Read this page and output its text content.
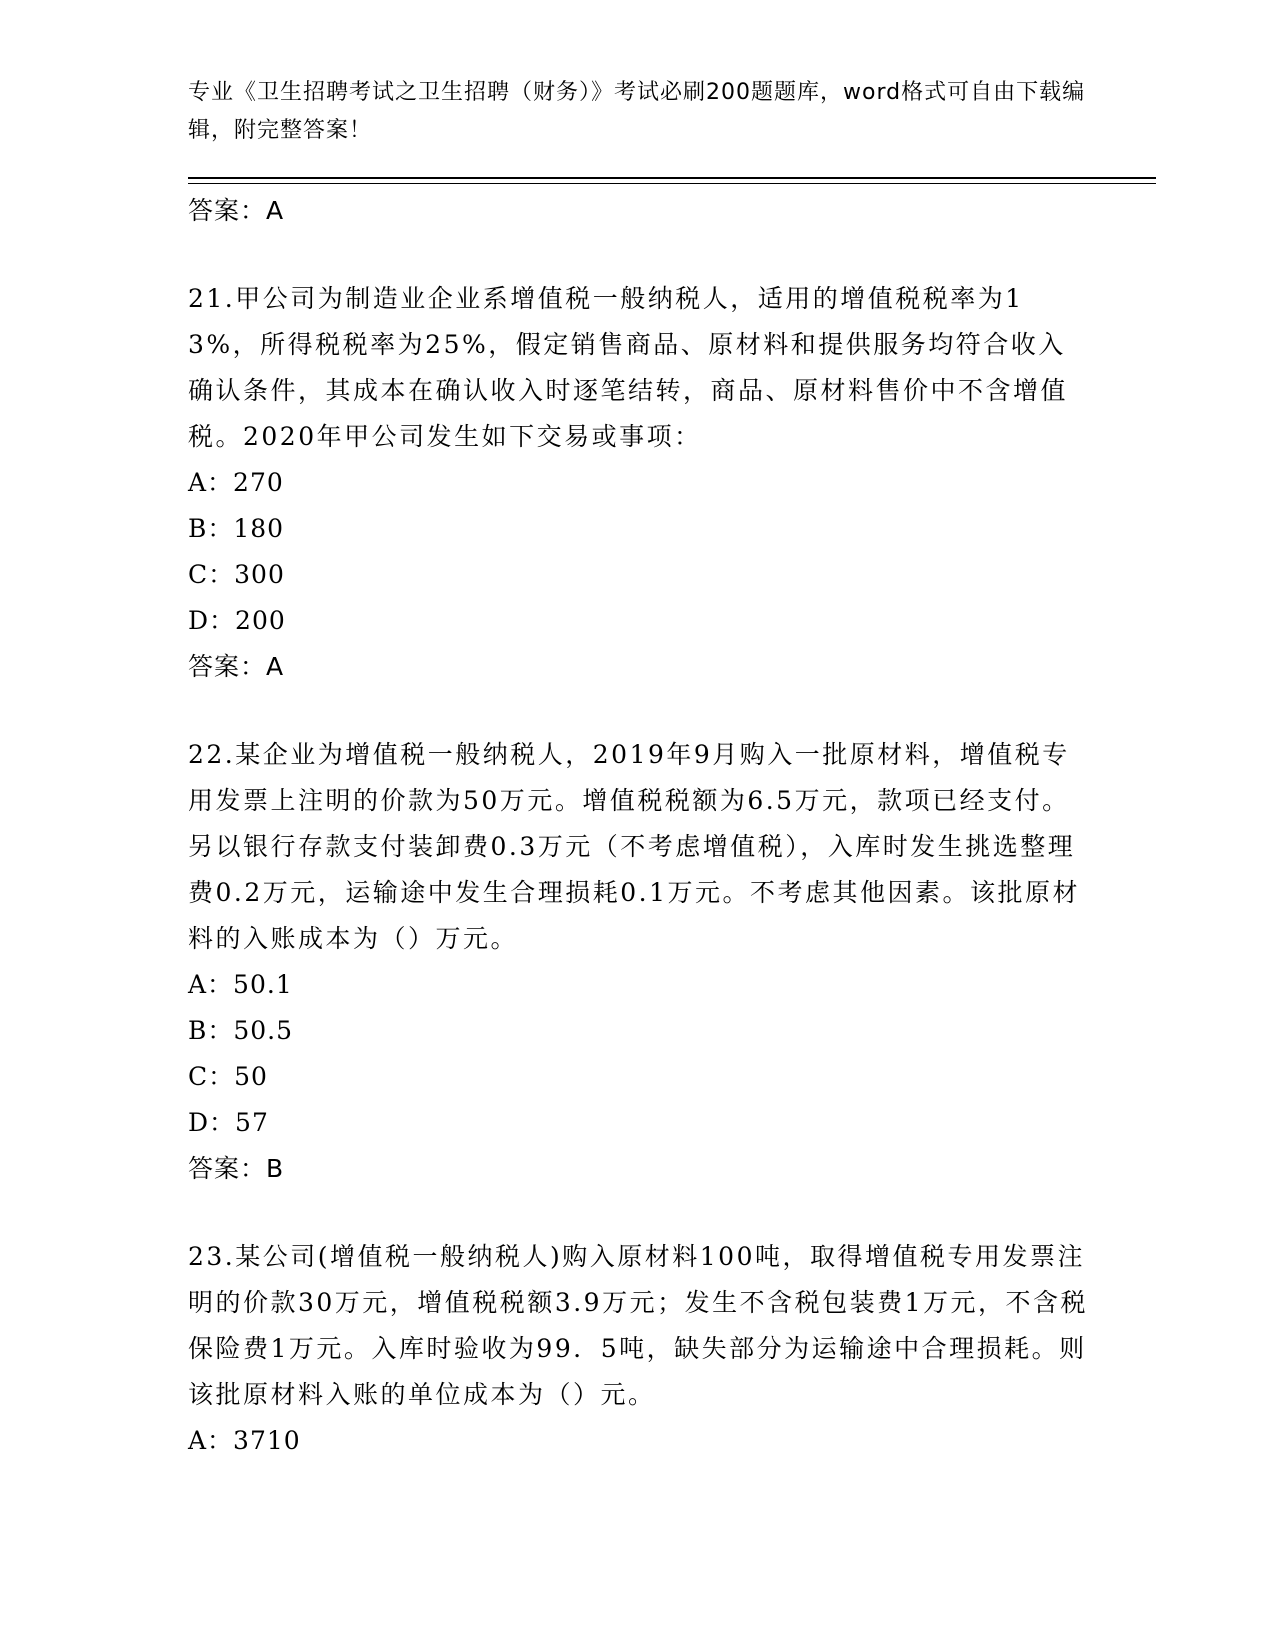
专业《卫生招聘考试之卫生招聘（财务）》考试必刷200题题库，word格式可自由下载编辑，附完整答案！
答案：A
21.甲公司为制造业企业系增值税一般纳税人，适用的增值税税率为13%，所得税税率为25%，假定销售商品、原材料和提供服务均符合收入确认条件，其成本在确认收入时逐笔结转，商品、原材料售价中不含增值税。2020年甲公司发生如下交易或事项：
A：270
B：180
C：300
D：200
答案：A
22.某企业为增值税一般纳税人，2019年9月购入一批原材料，增值税专用发票上注明的价款为50万元。增值税税额为6.5万元，款项已经支付。另以银行存款支付装卸费0.3万元（不考虑增值税），入库时发生挑选整理费0.2万元，运输途中发生合理损耗0.1万元。不考虑其他因素。该批原材料的入账成本为（）万元。
A：50.1
B：50.5
C：50
D：57
答案：B
23.某公司(增值税一般纳税人)购入原材料100吨，取得增值税专用发票注明的价款30万元，增值税税额3.9万元；发生不含税包装费1万元，不含税保险费1万元。入库时验收为99．5吨，缺失部分为运输途中合理损耗。则该批原材料入账的单位成本为（）元。
A：3710
